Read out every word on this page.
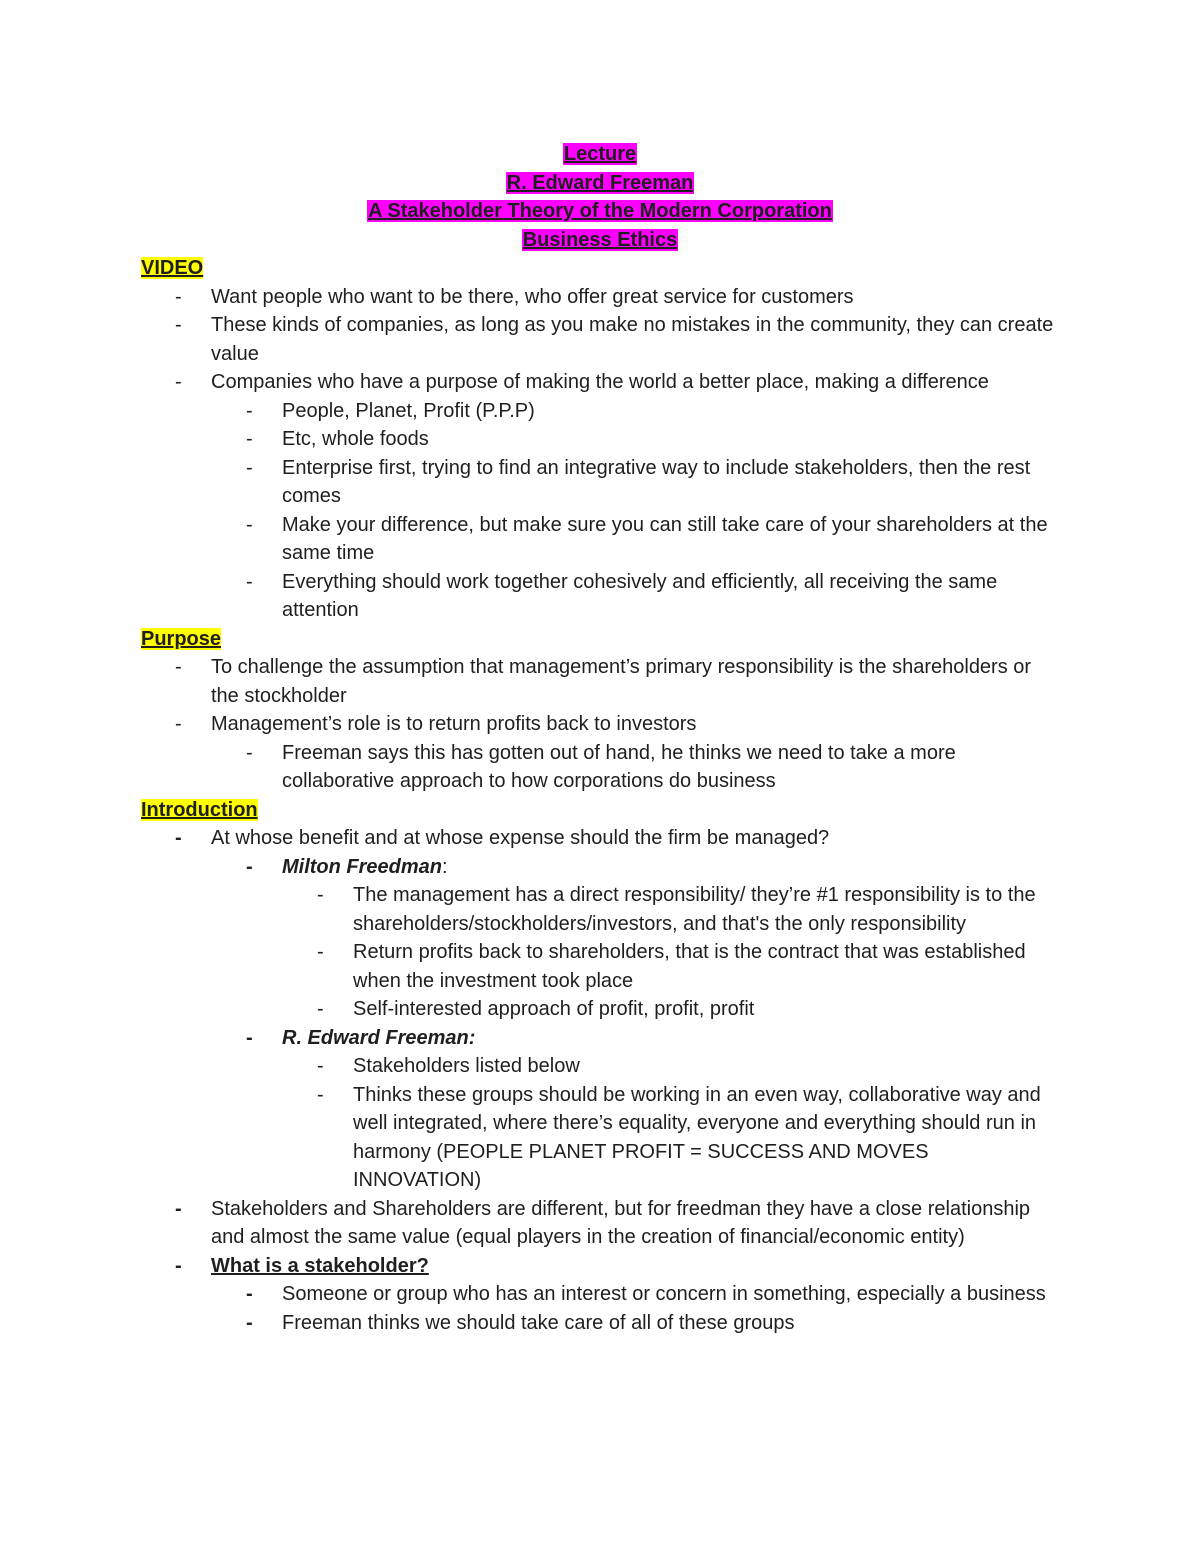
Lecture
R. Edward Freeman
A Stakeholder Theory of the Modern Corporation
Business Ethics
VIDEO
-	Want people who want to be there, who offer great service for customers
-	These kinds of companies, as long as you make no mistakes in the community, they can create value
-	Companies who have a purpose of making the world a better place, making a difference
-	People, Planet, Profit (P.P.P)
-	Etc, whole foods
-	Enterprise first, trying to find an integrative way to include stakeholders, then the rest comes
-	Make your difference, but make sure you can still take care of your shareholders at the same time
-	Everything should work together cohesively and efficiently, all receiving the same attention
Purpose
-	To challenge the assumption that management’s primary responsibility is the shareholders or the stockholder
-	Management’s role is to return profits back to investors
-	Freeman says this has gotten out of hand, he thinks we need to take a more collaborative approach to how corporations do business
Introduction
-	At whose benefit and at whose expense should the firm be managed?
-	Milton Freedman:
-	The management has a direct responsibility/ they’re #1 responsibility is to the shareholders/stockholders/investors, and that's the only responsibility
-	Return profits back to shareholders, that is the contract that was established when the investment took place
-	Self-interested approach of profit, profit, profit
-	R. Edward Freeman:
-	Stakeholders listed below
-	Thinks these groups should be working in an even way, collaborative way and well integrated, where there’s equality, everyone and everything should run in harmony (PEOPLE PLANET PROFIT = SUCCESS AND MOVES INNOVATION)
-	Stakeholders and Shareholders are different, but for freedman they have a close relationship and almost the same value (equal players in the creation of financial/economic entity)
-	What is a stakeholder?
-	Someone or group who has an interest or concern in something, especially a business
-	Freeman thinks we should take care of all of these groups
